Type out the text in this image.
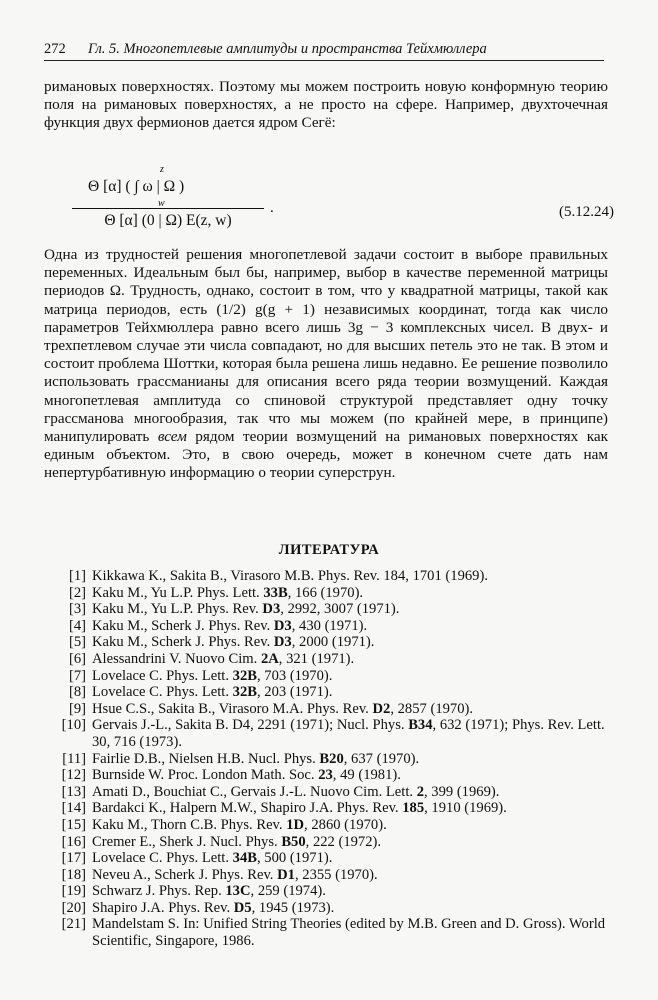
272 Гл. 5. Многопетлевые амплитуды и пространства Тейхмюллера
римановых поверхностях. Поэтому мы можем построить новую конформную теорию поля на римановых поверхностях, а не просто на сфере. Например, двухточечная функция двух фермионов дается ядром Сегё:
Θ [α] ( ∫ ω | Ω )
z
w
Θ [α] (0 | Ω) E(z, w)
.	(5.12.24)
Одна из трудностей решения многопетлевой задачи состоит в выборе правильных переменных. Идеальным был бы, например, выбор в качестве переменной матрицы периодов Ω. Трудность, однако, состоит в том, что у квадратной матрицы, такой как матрица периодов, есть (1/2) g(g + 1) независимых координат, тогда как число параметров Тейхмюллера равно всего лишь 3g − 3 комплексных чисел. В двух- и трехпетлевом случае эти числа совпадают, но для высших петель это не так. В этом и состоит проблема Шоттки, которая была решена лишь недавно. Ее решение позволило использовать грассманианы для описания всего ряда теории возмущений. Каждая многопетлевая амплитуда со спиновой структурой представляет одну точку грассманова многообразия, так что мы можем (по крайней мере, в принципе) манипулировать всем рядом теории возмущений на римановых поверхностях как единым объектом. Это, в свою очередь, может в конечном счете дать нам непертурбативную информацию о теории суперструн.
ЛИТЕРАТУРА
[1] Kikkawa K., Sakita B., Virasoro M.B. Phys. Rev. 184, 1701 (1969).
[2] Kaku M., Yu L.P. Phys. Lett. 33B, 166 (1970).
[3] Kaku M., Yu L.P. Phys. Rev. D3, 2992, 3007 (1971).
[4] Kaku M., Scherk J. Phys. Rev. D3, 430 (1971).
[5] Kaku M., Scherk J. Phys. Rev. D3, 2000 (1971).
[6] Alessandrini V. Nuovo Cim. 2A, 321 (1971).
[7] Lovelace C. Phys. Lett. 32B, 703 (1970).
[8] Lovelace C. Phys. Lett. 32B, 203 (1971).
[9] Hsue C.S., Sakita B., Virasoro M.A. Phys. Rev. D2, 2857 (1970).
[10] Gervais J.-L., Sakita B. D4, 2291 (1971); Nucl. Phys. B34, 632 (1971); Phys. Rev. Lett. 30, 716 (1973).
[11] Fairlie D.B., Nielsen H.B. Nucl. Phys. B20, 637 (1970).
[12] Burnside W. Proc. London Math. Soc. 23, 49 (1981).
[13] Amati D., Bouchiat C., Gervais J.-L. Nuovo Cim. Lett. 2, 399 (1969).
[14] Bardakci K., Halpern M.W., Shapiro J.A. Phys. Rev. 185, 1910 (1969).
[15] Kaku M., Thorn C.B. Phys. Rev. 1D, 2860 (1970).
[16] Cremer E., Sherk J. Nucl. Phys. B50, 222 (1972).
[17] Lovelace C. Phys. Lett. 34B, 500 (1971).
[18] Neveu A., Scherk J. Phys. Rev. D1, 2355 (1970).
[19] Schwarz J. Phys. Rep. 13C, 259 (1974).
[20] Shapiro J.A. Phys. Rev. D5, 1945 (1973).
[21] Mandelstam S. In: Unified String Theories (edited by M.B. Green and D. Gross). World Scientific, Singapore, 1986.
